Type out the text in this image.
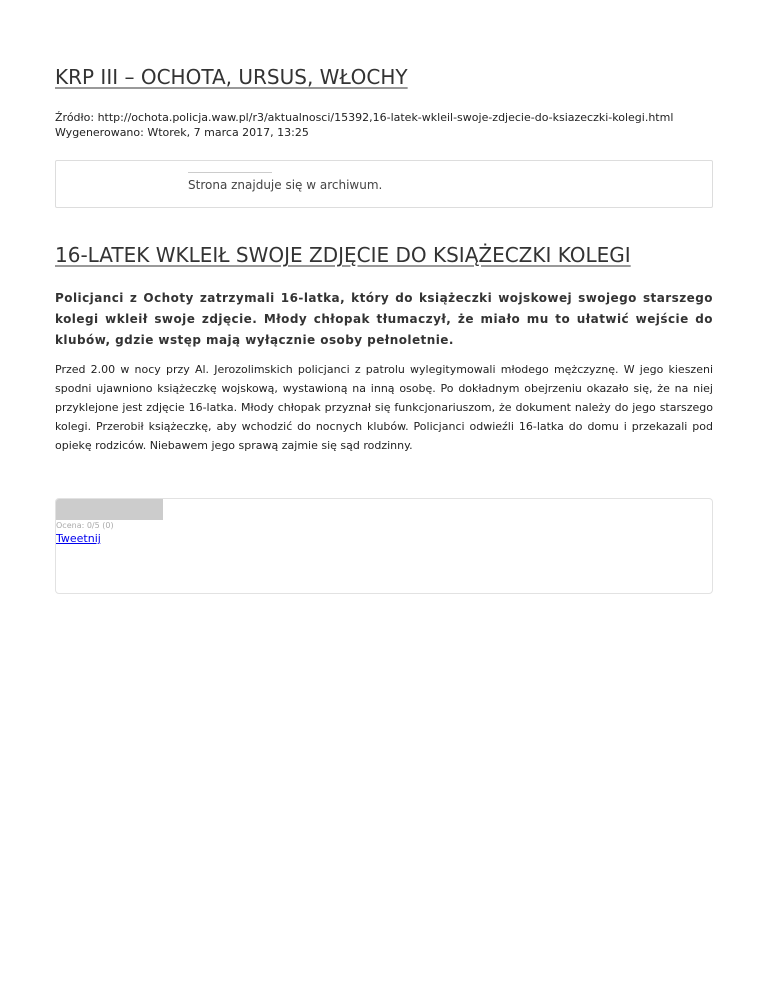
KRP III – OCHOTA, URSUS, WŁOCHY
Źródło: http://ochota.policja.waw.pl/r3/aktualnosci/15392,16-latek-wkleil-swoje-zdjecie-do-ksiazeczki-kolegi.html
Wygenerowano: Wtorek, 7 marca 2017, 13:25
Strona znajduje się w archiwum.
16-LATEK WKLEIŁ SWOJE ZDJĘCIE DO KSIĄŻECZKI KOLEGI

Policjanci z Ochoty zatrzymali 16-latka, który do książeczki wojskowej swojego starszego kolegi wkleił swoje zdjęcie. Młody chłopak tłumaczył, że miało mu to ułatwić wejście do klubów, gdzie wstęp mają wyłącznie osoby pełnoletnie.

Przed 2.00 w nocy przy Al. Jerozolimskich policjanci z patrolu wylegitymowali młodego mężczyznę. W jego kieszeni spodni ujawniono książeczkę wojskową, wystawioną na inną osobę. Po dokładnym obejrzeniu okazało się, że na niej przyklejone jest zdjęcie 16-latka. Młody chłopak przyznał się funkcjonariuszom, że dokument należy do jego starszego kolegi. Przerobił książeczkę, aby wchodzić do nocnych klubów. Policjanci odwieźli 16-latka do domu i przekazali pod opiekę rodziców. Niebawem jego sprawą zajmie się sąd rodzinny.

Ocena: 0/5 (0)
Tweetnij
